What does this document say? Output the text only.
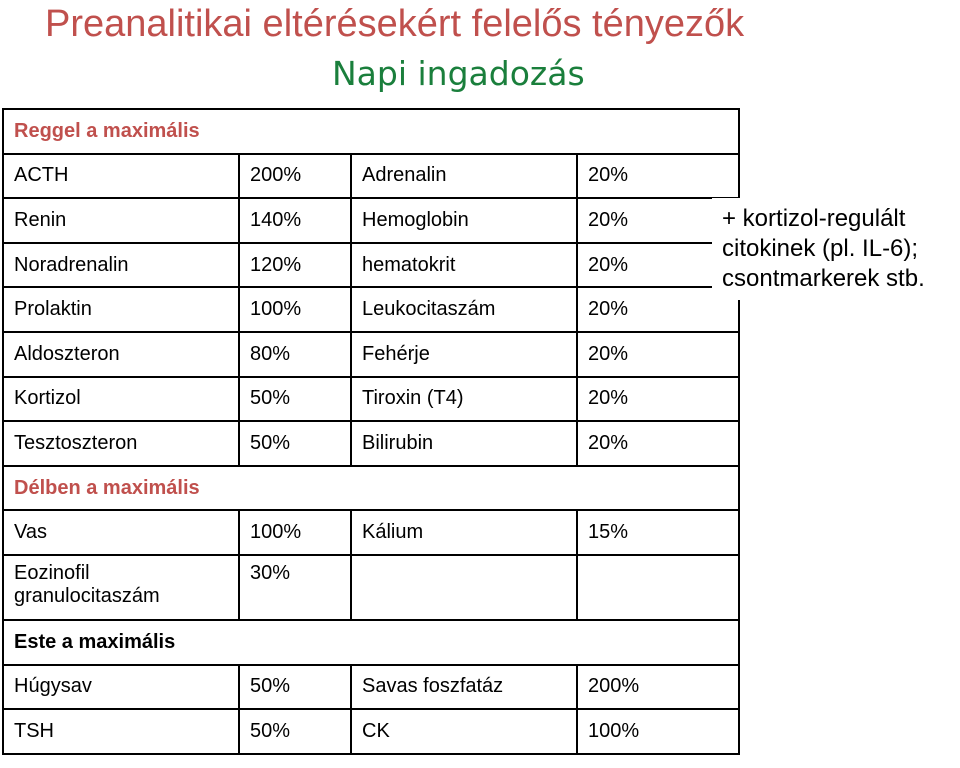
Preanalitikai eltérésekért felelős tényezők
Napi ingadozás
Reggel a maximális			
ACTH	200%	Adrenalin	20%
Renin	140%	Hemoglobin	20%
Noradrenalin	120%	hematokrit	20%
Prolaktin	100%	Leukocitaszám	20%
Aldoszteron	80%	Fehérje	20%
Kortizol	50%	Tiroxin (T4)	20%
Tesztoszteron	50%	Bilirubin	20%
Délben a maximális			
Vas	100%	Kálium	15%
Eozinofil granulocitaszám	30%		
Este a maximális			
Húgysav	50%	Savas foszfatáz	200%
TSH	50%	CK	100%
+ kortizol-regulált
citokinek (pl. IL-6);
csontmarkerek stb.
